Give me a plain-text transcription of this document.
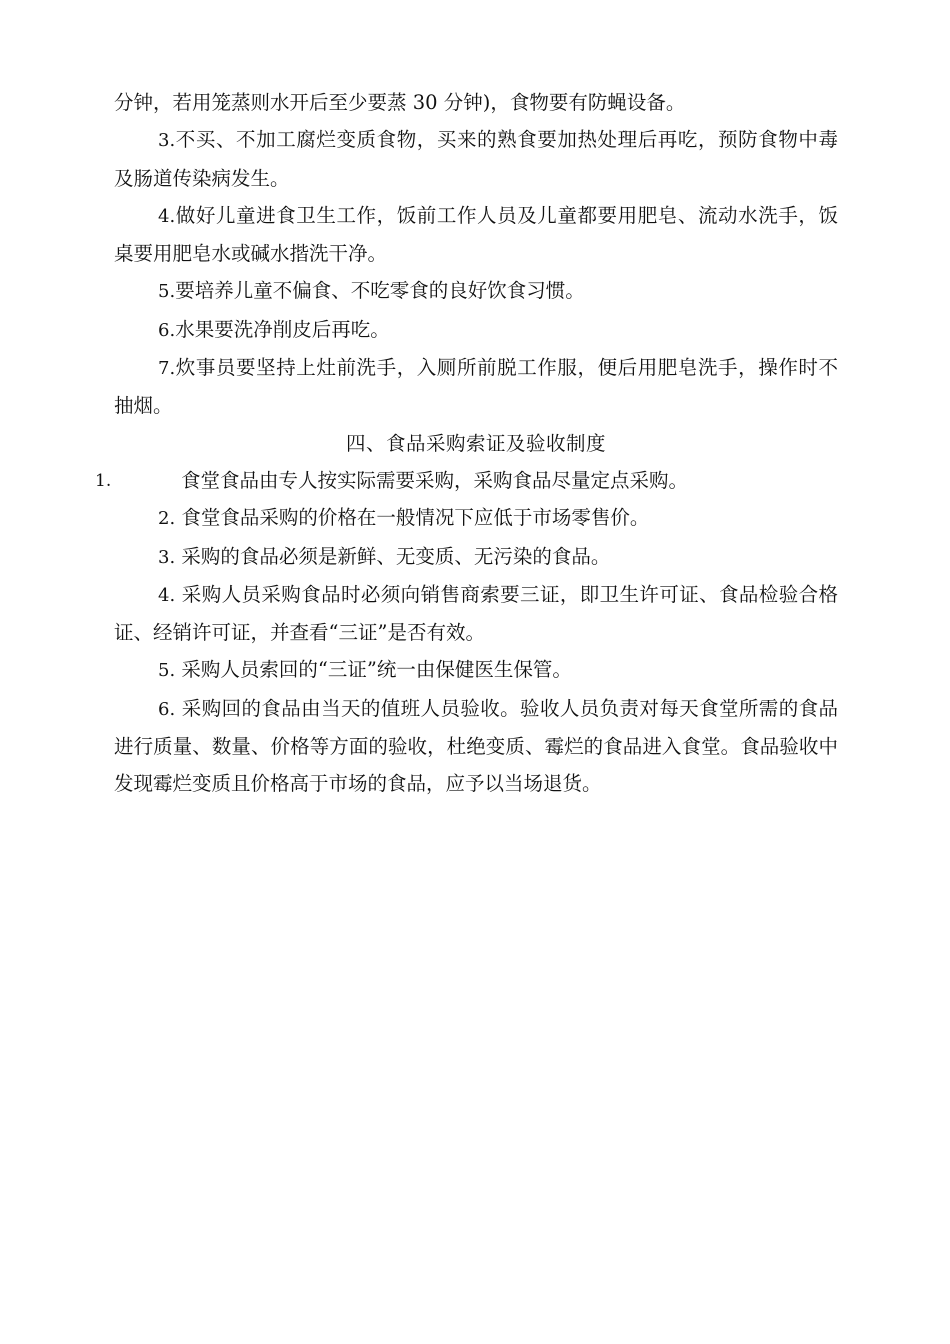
分钟，若用笼蒸则水开后至少要蒸 30 分钟)，食物要有防蝇设备。

3.不买、不加工腐烂变质食物，买来的熟食要加热处理后再吃，预防食物中毒及肠道传染病发生。

4.做好儿童进食卫生工作，饭前工作人员及儿童都要用肥皂、流动水洗手，饭桌要用肥皂水或碱水揩洗干净。

5.要培养儿童不偏食、不吃零食的良好饮食习惯。

6.水果要洗净削皮后再吃。

7.炊事员要坚持上灶前洗手，入厕所前脱工作服，便后用肥皂洗手，操作时不抽烟。

四、食品采购索证及验收制度

1.	食堂食品由专人按实际需要采购，采购食品尽量定点采购。

2. 食堂食品采购的价格在一般情况下应低于市场零售价。

3. 采购的食品必须是新鲜、无变质、无污染的食品。

4. 采购人员采购食品时必须向销售商索要三证，即卫生许可证、食品检验合格证、经销许可证，并查看“三证”是否有效。

5. 采购人员索回的“三证”统一由保健医生保管。

6. 采购回的食品由当天的值班人员验收。验收人员负责对每天食堂所需的食品进行质量、数量、价格等方面的验收，杜绝变质、霉烂的食品进入食堂。食品验收中发现霉烂变质且价格高于市场的食品，应予以当场退货。
